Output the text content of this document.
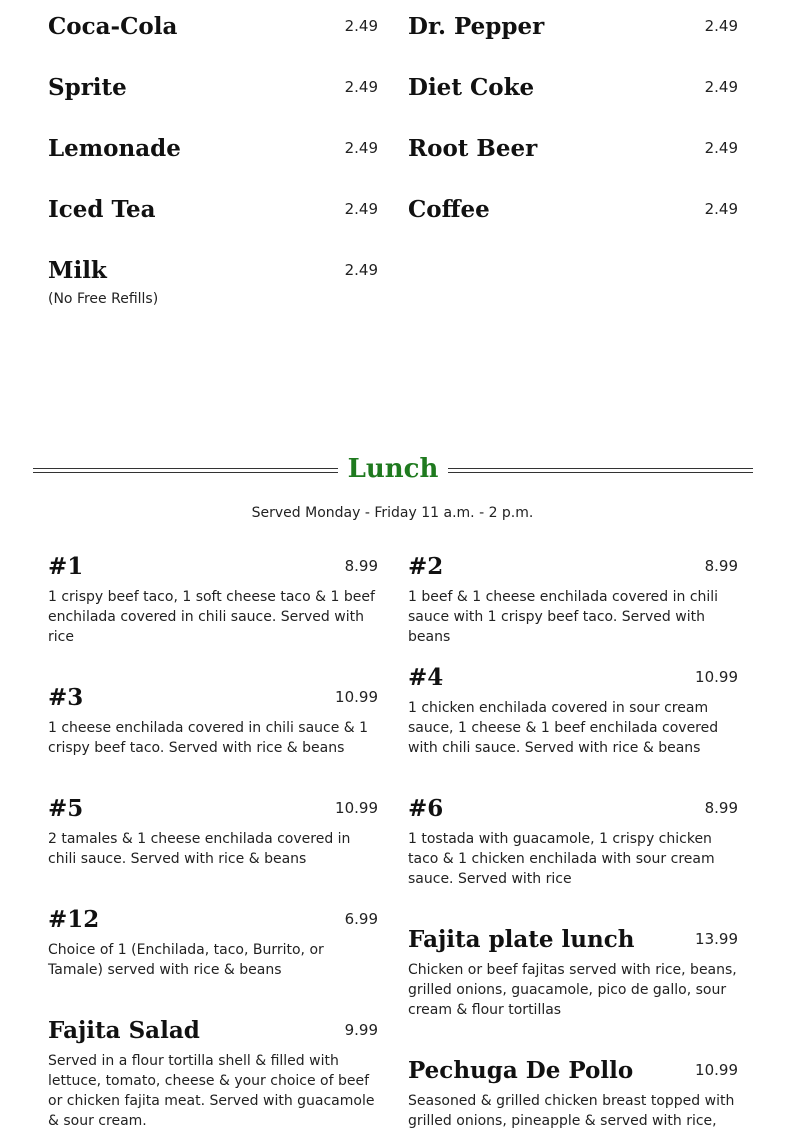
Coca-Cola	2.49
Sprite	2.49
Lemonade	2.49
Iced Tea	2.49
Milk	2.49
(No Free Refills)
Dr. Pepper	2.49
Diet Coke	2.49
Root Beer	2.49
Coffee	2.49
Lunch
Served Monday - Friday 11 a.m. - 2 p.m.
#1	8.99
1 crispy beef taco, 1 soft cheese taco & 1 beef enchilada covered in chili sauce. Served with rice
#3	10.99
1 cheese enchilada covered in chili sauce & 1 crispy beef taco. Served with rice & beans
#5	10.99
2 tamales & 1 cheese enchilada covered in chili sauce. Served with rice & beans
#12	6.99
Choice of 1 (Enchilada, taco, Burrito, or Tamale) served with rice & beans
Fajita Salad	9.99
Served in a flour tortilla shell & filled with lettuce, tomato, cheese & your choice of beef or chicken fajita meat. Served with guacamole & sour cream.
#2	8.99
1 beef & 1 cheese enchilada covered in chili sauce with 1 crispy beef taco. Served with beans
#4	10.99
1 chicken enchilada covered in sour cream sauce, 1 cheese & 1 beef enchilada covered with chili sauce. Served with rice & beans
#6	8.99
1 tostada with guacamole, 1 crispy chicken taco & 1 chicken enchilada with sour cream sauce. Served with rice
Fajita plate lunch	13.99
Chicken or beef fajitas served with rice, beans, grilled onions, guacamole, pico de gallo, sour cream & flour tortillas
Pechuga De Pollo	10.99
Seasoned & grilled chicken breast topped with grilled onions, pineapple & served with rice,
